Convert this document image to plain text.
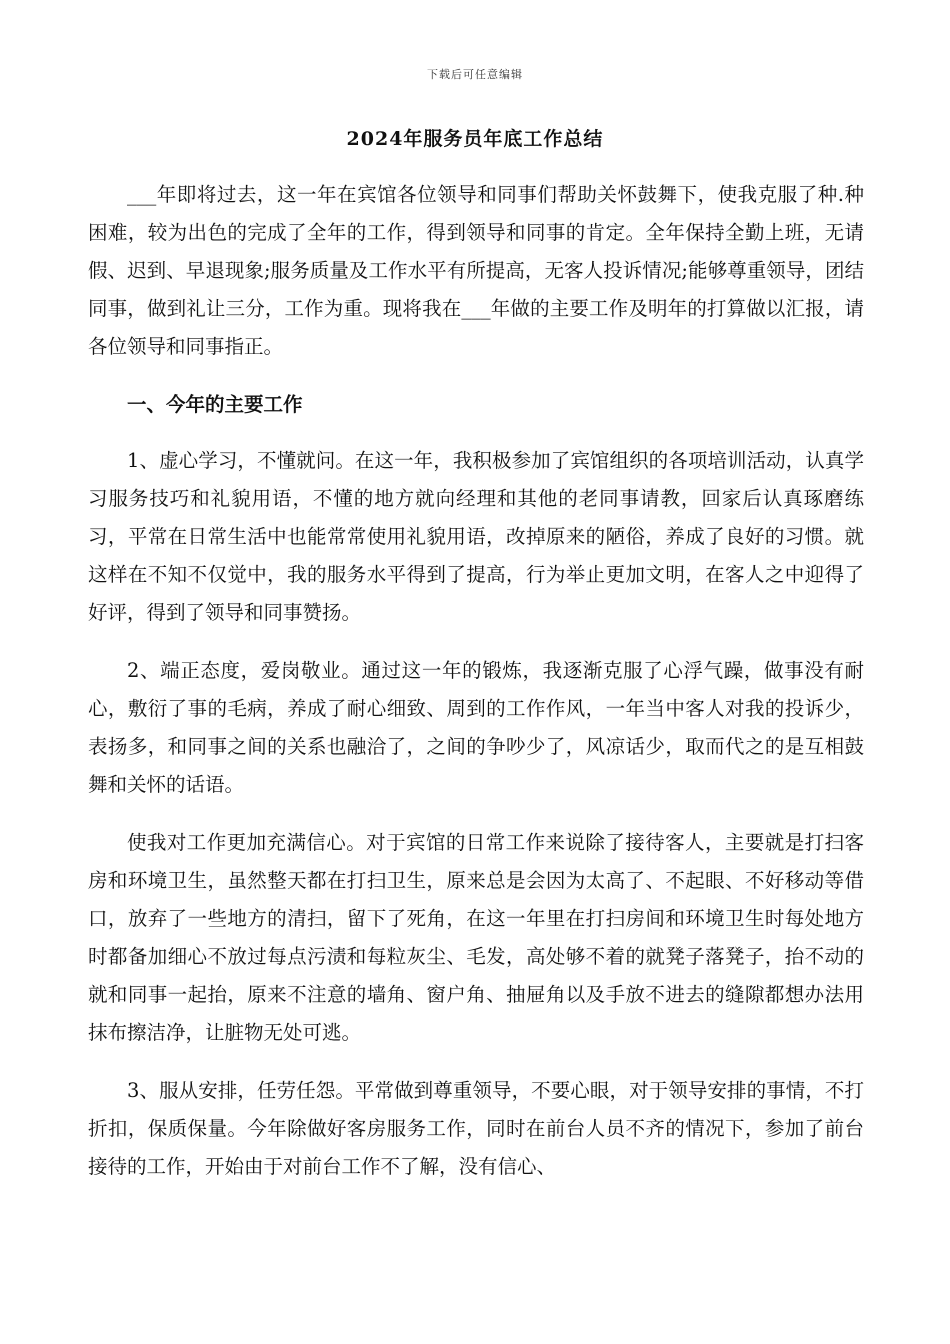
下载后可任意编辑
2024年服务员年底工作总结

___年即将过去，这一年在宾馆各位领导和同事们帮助关怀鼓舞下，使我克服了种.种困难，较为出色的完成了全年的工作，得到领导和同事的肯定。全年保持全勤上班，无请假、迟到、早退现象;服务质量及工作水平有所提高，无客人投诉情况;能够尊重领导，团结同事，做到礼让三分，工作为重。现将我在___年做的主要工作及明年的打算做以汇报，请各位领导和同事指正。

一、今年的主要工作

1、虚心学习，不懂就问。在这一年，我积极参加了宾馆组织的各项培训活动，认真学习服务技巧和礼貌用语，不懂的地方就向经理和其他的老同事请教，回家后认真琢磨练习，平常在日常生活中也能常常使用礼貌用语，改掉原来的陋俗，养成了良好的习惯。就这样在不知不仅觉中，我的服务水平得到了提高，行为举止更加文明，在客人之中迎得了好评，得到了领导和同事赞扬。

2、端正态度，爱岗敬业。通过这一年的锻炼，我逐渐克服了心浮气躁，做事没有耐心，敷衍了事的毛病，养成了耐心细致、周到的工作作风，一年当中客人对我的投诉少，表扬多，和同事之间的关系也融洽了，之间的争吵少了，风凉话少，取而代之的是互相鼓舞和关怀的话语。

使我对工作更加充满信心。对于宾馆的日常工作来说除了接待客人，主要就是打扫客房和环境卫生，虽然整天都在打扫卫生，原来总是会因为太高了、不起眼、不好移动等借口，放弃了一些地方的清扫，留下了死角，在这一年里在打扫房间和环境卫生时每处地方时都备加细心不放过每点污渍和每粒灰尘、毛发，高处够不着的就凳子落凳子，抬不动的就和同事一起抬，原来不注意的墙角、窗户角、抽屉角以及手放不进去的缝隙都想办法用抹布擦洁净，让脏物无处可逃。

3、服从安排，任劳任怨。平常做到尊重领导，不要心眼，对于领导安排的事情，不打折扣，保质保量。今年除做好客房服务工作，同时在前台人员不齐的情况下，参加了前台接待的工作，开始由于对前台工作不了解，没有信心、
